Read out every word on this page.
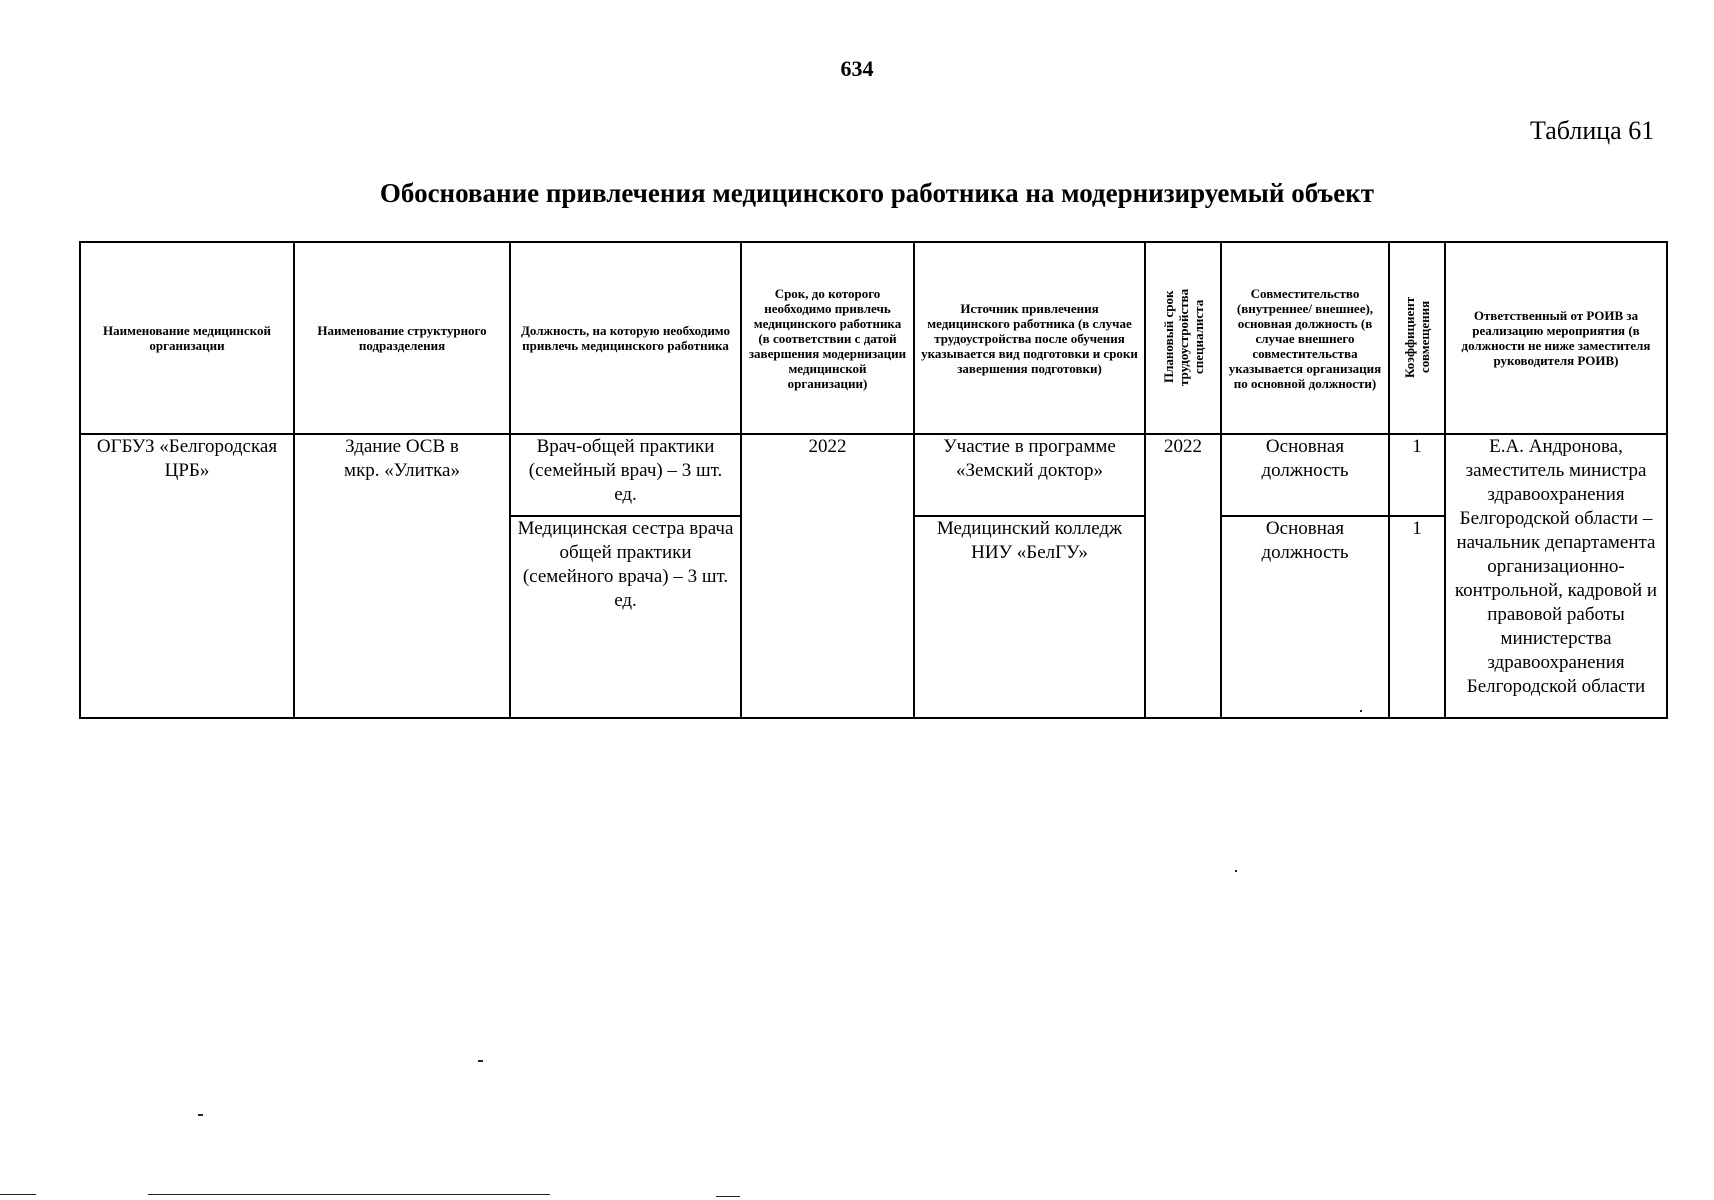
634
Таблица 61
Обоснование привлечения медицинского работника на модернизируемый объект
Наименование медицинской организации	Наименование структурного подразделения	Должность, на которую необходимо привлечь медицинского работника	Срок, до которого необходимо привлечь медицинского работника (в соответствии с датой завершения модернизации медицинской организации)	Источник привлечения медицинского работника (в случае трудоустройства после обучения указывается вид подготовки и сроки завершения подготовки)	Плановый срок трудоустройства специалиста	Совместительство (внутреннее/ внешнее), основная должность (в случае внешнего совместительства указывается организация по основной должности)	Коэффициент совмещения	Ответственный от РОИВ за реализацию мероприятия (в должности не ниже заместителя руководителя РОИВ)

ОГБУЗ «Белгородская ЦРБ»	Здание ОСВ в мкр. «Улитка»	Врач-общей практики (семейный врач) – 3 шт. ед.	2022	Участие в программе «Земский доктор»	2022	Основная должность	1	Е.А. Андронова, заместитель министра здравоохранения Белгородской области – начальник департамента организационно-контрольной, кадровой и правовой работы министерства здравоохранения Белгородской области

		Медицинская сестра врача общей практики (семейного врача) – 3 шт. ед.		Медицинский колледж НИУ «БелГУ»		Основная должность	1	
